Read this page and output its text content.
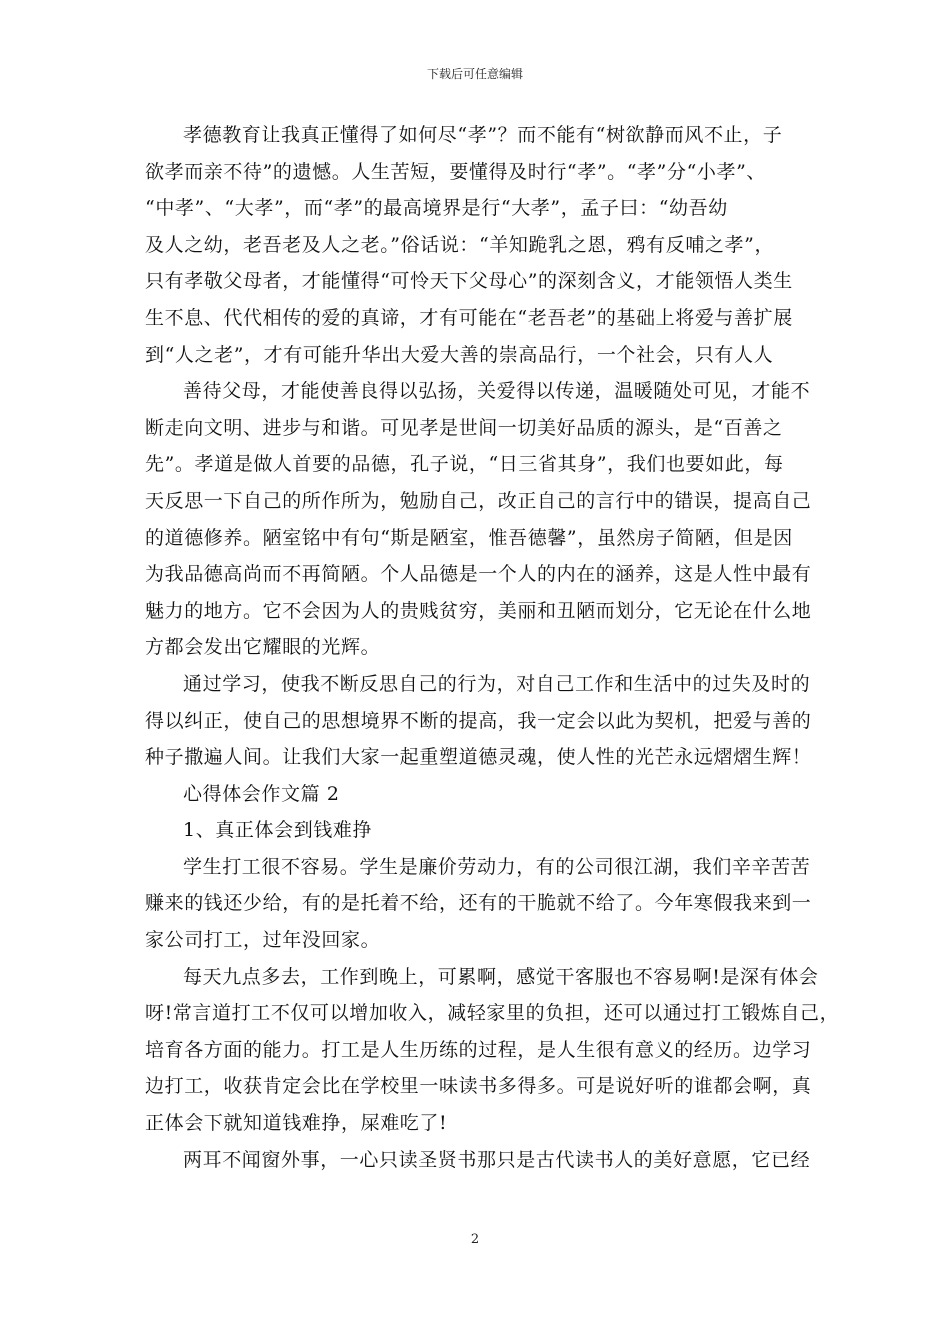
下载后可任意编辑
孝德教育让我真正懂得了如何尽“孝”？而不能有“树欲静而风不止，子
欲孝而亲不待”的遗憾。人生苦短，要懂得及时行“孝”。“孝”分“小孝”、
“中孝”、“大孝”，而“孝”的最高境界是行“大孝”，孟子曰：“幼吾幼
及人之幼，老吾老及人之老。”俗话说：“羊知跪乳之恩，鸦有反哺之孝”，
只有孝敬父母者，才能懂得“可怜天下父母心”的深刻含义，才能领悟人类生
生不息、代代相传的爱的真谛，才有可能在“老吾老”的基础上将爱与善扩展
到“人之老”，才有可能升华出大爱大善的崇高品行，一个社会，只有人人
善待父母，才能使善良得以弘扬，关爱得以传递，温暖随处可见，才能不
断走向文明、进步与和谐。可见孝是世间一切美好品质的源头，是“百善之
先”。孝道是做人首要的品德，孔子说，“日三省其身”，我们也要如此，每
天反思一下自己的所作所为，勉励自己，改正自己的言行中的错误，提高自己
的道德修养。陋室铭中有句“斯是陋室，惟吾德馨”，虽然房子简陋，但是因
为我品德高尚而不再简陋。个人品德是一个人的内在的涵养，这是人性中最有
魅力的地方。它不会因为人的贵贱贫穷，美丽和丑陋而划分，它无论在什么地
方都会发出它耀眼的光辉。
通过学习，使我不断反思自己的行为，对自己工作和生活中的过失及时的
得以纠正，使自己的思想境界不断的提高，我一定会以此为契机，把爱与善的
种子撒遍人间。让我们大家一起重塑道德灵魂，使人性的光芒永远熠熠生辉！
心得体会作文篇 2
1、真正体会到钱难挣
学生打工很不容易。学生是廉价劳动力，有的公司很江湖，我们辛辛苦苦
赚来的钱还少给，有的是托着不给，还有的干脆就不给了。今年寒假我来到一
家公司打工，过年没回家。
每天九点多去，工作到晚上，可累啊，感觉干客服也不容易啊!是深有体会
呀!常言道打工不仅可以增加收入，减轻家里的负担，还可以通过打工锻炼自己，
培育各方面的能力。打工是人生历练的过程，是人生很有意义的经历。边学习
边打工，收获肯定会比在学校里一味读书多得多。可是说好听的谁都会啊，真
正体会下就知道钱难挣，屎难吃了!
两耳不闻窗外事，一心只读圣贤书那只是古代读书人的美好意愿，它已经
2
